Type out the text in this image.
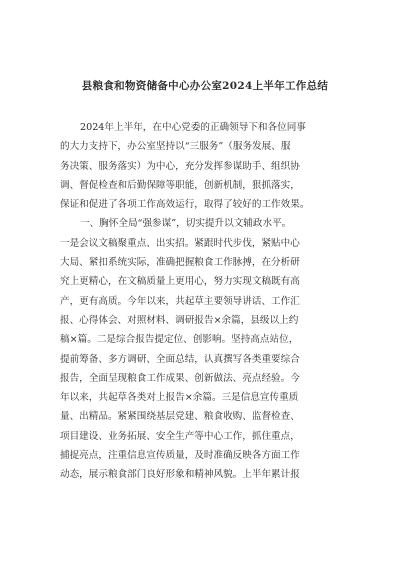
县粮食和物资储备中心办公室2024上半年工作总结
2024年上半年，在中心党委的正确领导下和各位同事
的大力支持下，办公室坚持以“三服务”（服务发展、服
务决策、服务落实）为中心，充分发挥参谋助手、组织协
调、督促检查和后勤保障等职能，创新机制，狠抓落实，
保证和促进了各项工作高效运行，取得了较好的工作效果。
一、胸怀全局“强参谋”，切实提升以文辅政水平。
一是会议文稿聚重点、出实招。紧跟时代步伐，紧贴中心
大局、紧扣系统实际，准确把握粮食工作脉搏，在分析研
究上更精心，在文稿质量上更用心，努力实现文稿既有高
产，更有高质。今年以来，共起草主要领导讲话、工作汇
报、心得体会、对照材料、调研报告×余篇，县级以上约
稿×篇。二是综合报告提定位、创影响。坚持高点站位，
提前筹备、多方调研、全面总结，认真撰写各类重要综合
报告，全面呈现粮食工作成果、创新做法、亮点经验。今
年以来，共起草各类对上报告×余篇。三是信息宣传重质
量、出精品。紧紧围绕基层党建、粮食收购、监督检查、
项目建设、业务拓展、安全生产等中心工作，抓住重点，
捕捉亮点，注重信息宣传质量，及时准确反映各方面工作
动态，展示粮食部门良好形象和精神风貌。上半年累计报
